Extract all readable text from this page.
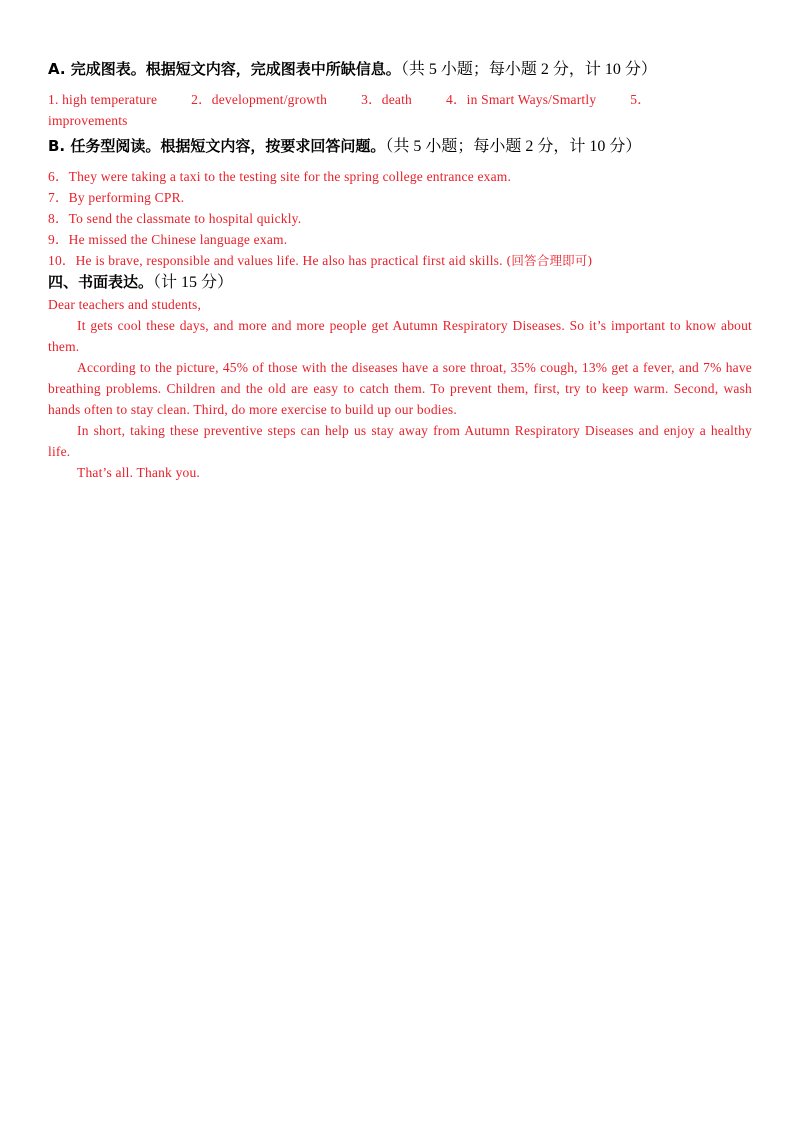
A. 完成图表。根据短文内容，完成图表中所缺信息。（共 5 小题；每小题 2 分，计 10 分）
1. high temperature	2．development/growth	3．death	4．in Smart Ways/Smartly	5．
improvements
B. 任务型阅读。根据短文内容，按要求回答问题。（共 5 小题；每小题 2 分，计 10 分）
6．They were taking a taxi to the testing site for the spring college entrance exam.
7．By performing CPR.
8．To send the classmate to hospital quickly.
9．He missed the Chinese language exam.
10．He is brave, responsible and values life. He also has practical first aid skills. (回答合理即可)
四、书面表达。（计 15 分）

Dear teachers and students,

It gets cool these days, and more and more people get Autumn Respiratory Diseases. So it’s important to know about them.

According to the picture, 45% of those with the diseases have a sore throat, 35% cough, 13% get a fever, and 7% have breathing problems. Children and the old are easy to catch them. To prevent them, first, try to keep warm. Second, wash hands often to stay clean. Third, do more exercise to build up our bodies.

In short, taking these preventive steps can help us stay away from Autumn Respiratory Diseases and enjoy a healthy life.

That’s all. Thank you.
